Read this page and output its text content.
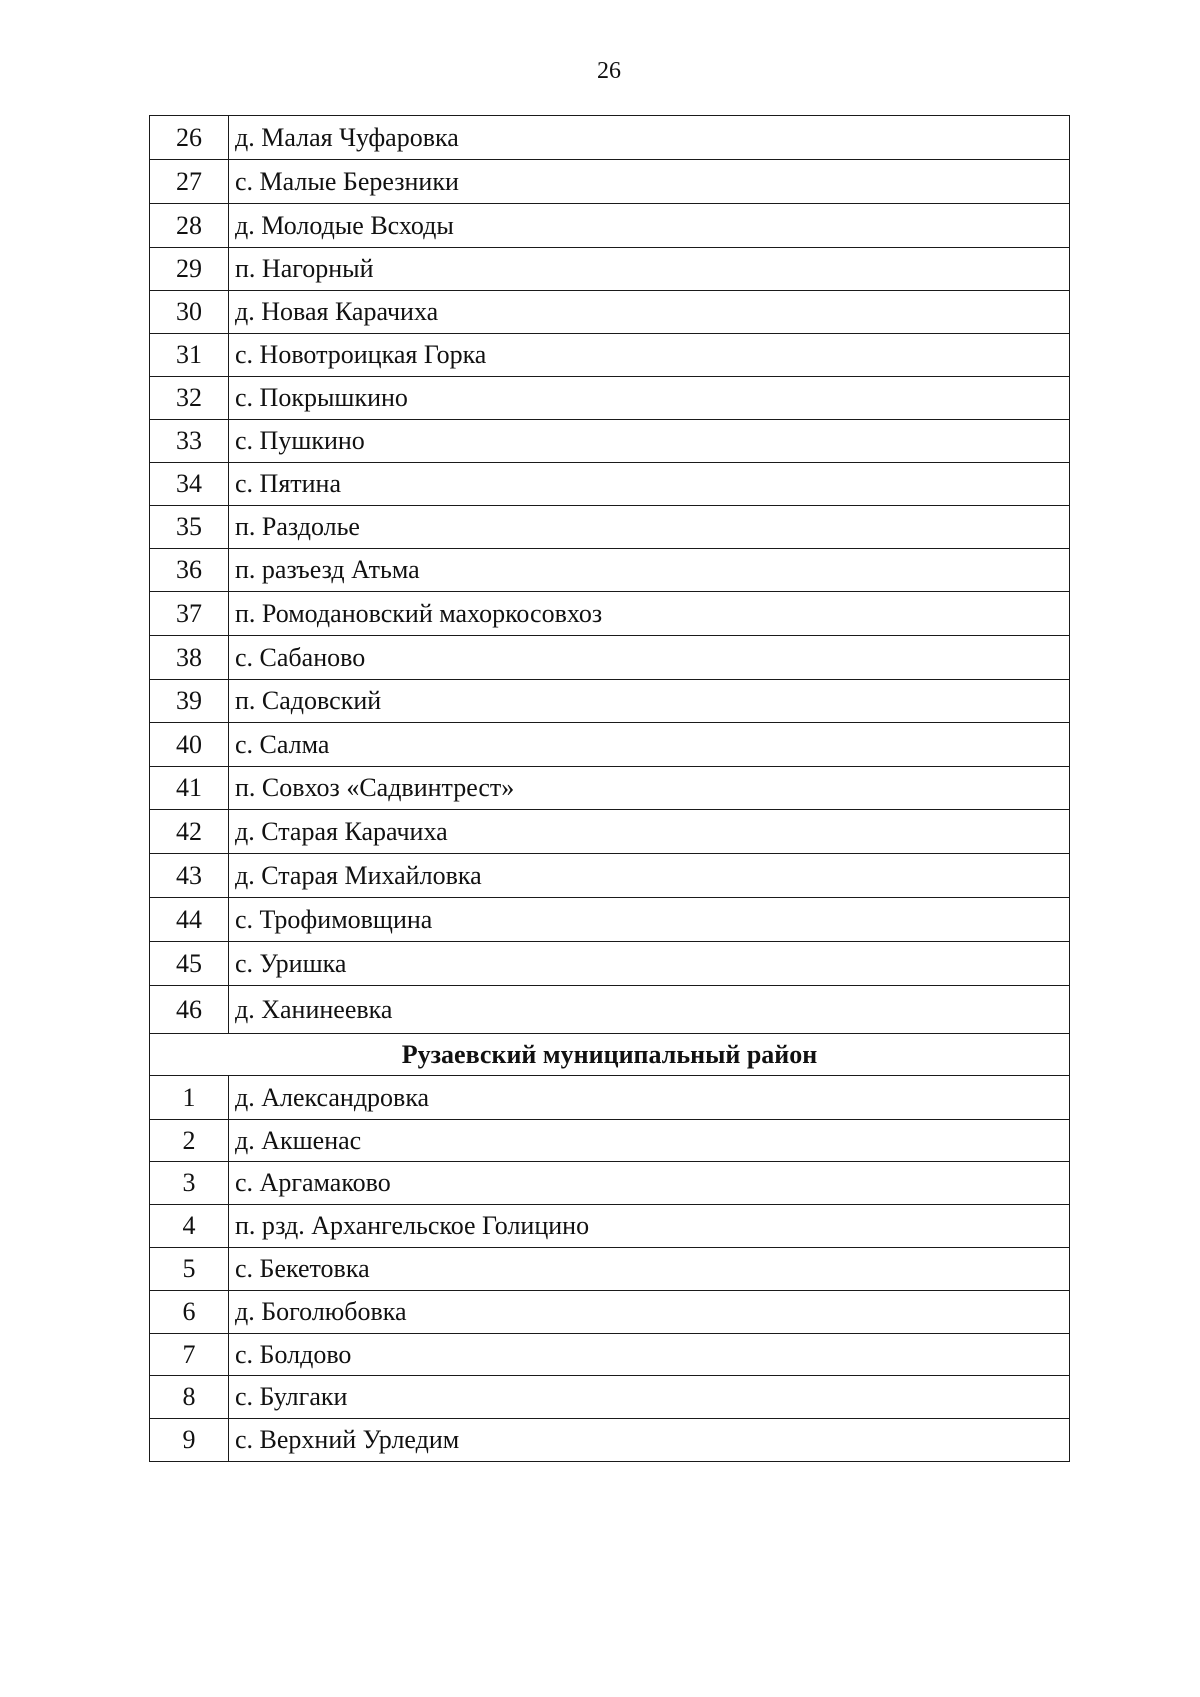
26
26	д. Малая Чуфаровка
27	с. Малые Березники
28	д. Молодые Всходы
29	п. Нагорный
30	д. Новая Карачиха
31	с. Новотроицкая Горка
32	с. Покрышкино
33	с. Пушкино
34	с. Пятина
35	п. Раздолье
36	п. разъезд Атьма
37	п. Ромодановский махоркосовхоз
38	с. Сабаново
39	п. Садовский
40	с. Салма
41	п. Совхоз «Садвинтрест»
42	д. Старая Карачиха
43	д. Старая Михайловка
44	с. Трофимовщина
45	с. Уришка
46	д. Ханинеевка
Рузаевский муниципальный район	
1	д. Александровка
2	д. Акшенас
3	с. Аргамаково
4	п. рзд. Архангельское Голицино
5	с. Бекетовка
6	д. Боголюбовка
7	с. Болдово
8	с. Булгаки
9	с. Верхний Урледим
